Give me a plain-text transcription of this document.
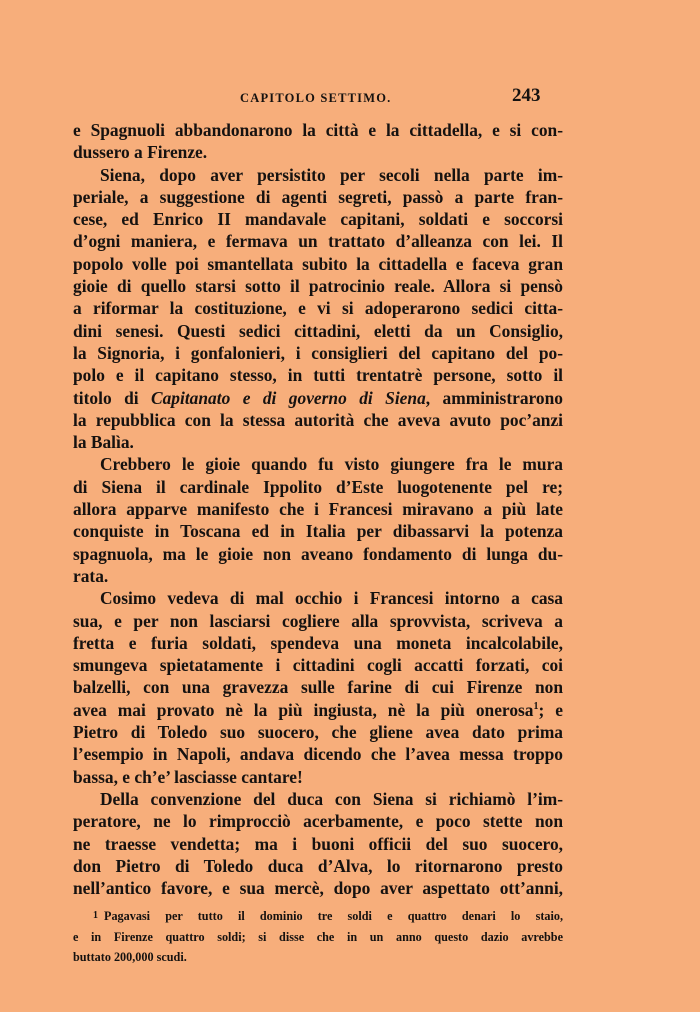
CAPITOLO SETTIMO.	243
e Spagnuoli abbandonarono la città e la cittadella, e si con-
dussero a Firenze.
Siena, dopo aver persistito per secoli nella parte im-
periale, a suggestione di agenti segreti, passò a parte fran-
cese, ed Enrico II mandavale capitani, soldati e soccorsi
d’ogni maniera, e fermava un trattato d’alleanza con lei. Il
popolo volle poi smantellata subito la cittadella e faceva gran
gioie di quello starsi sotto il patrocinio reale. Allora si pensò
a riformar la costituzione, e vi si adoperarono sedici citta-
dini senesi. Questi sedici cittadini, eletti da un Consiglio,
la Signoria, i gonfalonieri, i consiglieri del capitano del po-
polo e il capitano stesso, in tutti trentatrè persone, sotto il
titolo di Capitanato e di governo di Siena, amministrarono
la repubblica con la stessa autorità che aveva avuto poc’anzi
la Balìa.
Crebbero le gioie quando fu visto giungere fra le mura
di Siena il cardinale Ippolito d’Este luogotenente pel re;
allora apparve manifesto che i Francesi miravano a più late
conquiste in Toscana ed in Italia per dibassarvi la potenza
spagnuola, ma le gioie non aveano fondamento di lunga du-
rata.
Cosimo vedeva di mal occhio i Francesi intorno a casa
sua, e per non lasciarsi cogliere alla sprovvista, scriveva a
fretta e furia soldati, spendeva una moneta incalcolabile,
smungeva spietatamente i cittadini cogli accatti forzati, coi
balzelli, con una gravezza sulle farine di cui Firenze non
avea mai provato nè la più ingiusta, nè la più onerosa$^1$; e
Pietro di Toledo suo suocero, che gliene avea dato prima
l’esempio in Napoli, andava dicendo che l’avea messa troppo
bassa, e ch’e’ lasciasse cantare!
Della convenzione del duca con Siena si richiamò l’im-
peratore, ne lo rimprocciò acerbamente, e poco stette non
ne traesse vendetta; ma i buoni officii del suo suocero,
don Pietro di Toledo duca d’Alva, lo ritornarono presto
nell’antico favore, e sua mercè, dopo aver aspettato ott’anni,
1 Pagavasi per tutto il dominio tre soldi e quattro denari lo staio,
e in Firenze quattro soldi; si disse che in un anno questo dazio avrebbe
buttato 200,000 scudi.
